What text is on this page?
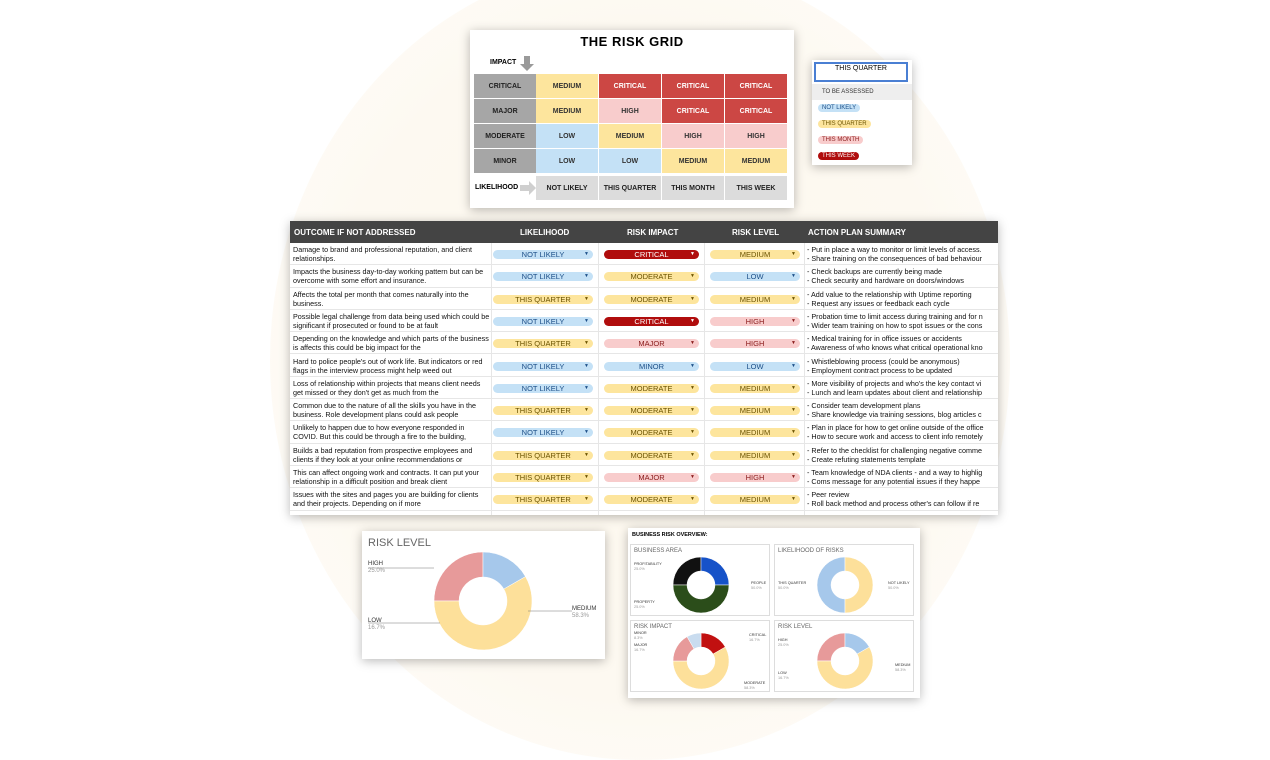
THE RISK GRID
IMPACT
CRITICAL	MEDIUM	CRITICAL	CRITICAL	CRITICAL
MAJOR	MEDIUM	HIGH	CRITICAL	CRITICAL
MODERATE	LOW	MEDIUM	HIGH	HIGH
MINOR	LOW	LOW	MEDIUM	MEDIUM
LIKELIHOOD	NOT LIKELY	THIS QUARTER	THIS MONTH	THIS WEEK
THIS QUARTER
TO BE ASSESSED
NOT LIKELY
THIS QUARTER
THIS MONTH
THIS WEEK
OUTCOME IF NOT ADDRESSED	LIKELIHOOD	RISK IMPACT	RISK LEVEL	ACTION PLAN SUMMARY
Damage to brand and professional reputation, and client relationships.	NOT LIKELY	▼	CRITICAL	▼	MEDIUM	▼ - Put in place a way to monitor or limit levels of access.
- Share training on the consequences of bad behaviour
Impacts the business day-to-day working pattern but can be overcome with some effort and insurance.	NOT LIKELY	▼	MODERATE	▼	LOW	▼ - Check backups are currently being made
- Check security and hardware on doors/windows
Affects the total per month that comes naturally into the business.	THIS QUARTER	▼	MODERATE	▼	MEDIUM	▼ - Add value to the relationship with Uptime reporting
- Request any issues or feedback each cycle
Possible legal challenge from data being used which could be significant if prosecuted or found to be at fault	NOT LIKELY	▼	CRITICAL	▼	HIGH	▼ - Probation time to limit access during training and for n
- Wider team training on how to spot issues or the cons
Depending on the knowledge and which parts of the business is affects this could be big impact for the	THIS QUARTER	▼	MAJOR	▼	HIGH	▼ - Medical training for in office issues or accidents
- Awareness of who knows what critical operational kno
Hard to police people's out of work life. But indicators or red flags in the interview process might help weed out	NOT LIKELY	▼	MINOR	▼	LOW	▼ - Whistleblowing process (could be anonymous)
- Employment contract process to be updated
Loss of relationship within projects that means client needs get missed or they don't get as much from the	NOT LIKELY	▼	MODERATE	▼	MEDIUM	▼ - More visibility of projects and who's the key contact vi
- Lunch and learn updates about client and relationship
Common due to the nature of all the skills you have in the business. Role development plans could ask people	THIS QUARTER	▼	MODERATE	▼	MEDIUM	▼ - Consider team development plans
- Share knowledge via training sessions, blog articles c
Unlikely to happen due to how everyone responded in COVID. But this could be through a fire to the building,	NOT LIKELY	▼	MODERATE	▼	MEDIUM	▼ - Plan in place for how to get online outside of the office
- How to secure work and access to client info remotely
Builds a bad reputation from prospective employees and clients if they look at your online recommendations or	THIS QUARTER	▼	MODERATE	▼	MEDIUM	▼ - Refer to the checklist for challenging negative comme
- Create refuting statements template
This can affect ongoing work and contracts. It can put your relationship in a difficult position and break client	THIS QUARTER	▼	MAJOR	▼	HIGH	▼ - Team knowledge of NDA clients - and a way to highlig
- Coms message for any potential issues if they happe
Issues with the sites and pages you are building for clients and their projects. Depending on if more	THIS QUARTER	▼	MODERATE	▼	MEDIUM	▼ - Peer review
- Roll back method and process other's can follow if re
RISK LEVEL
HIGH
25.0%
LOW
16.7%
MEDIUM
58.3%
BUSINESS RISK OVERVIEW:
BUSINESS AREA
PROFITABILITY
25.0%
PROPERTY
25.0%
PEOPLE
50.0%
LIKELIHOOD OF RISKS
THIS QUARTER
50.0%
NOT LIKELY
50.0%
RISK IMPACT
CRITICAL
16.7%
MODERATE
58.3%
MAJOR
16.7%
MINOR
8.3%
RISK LEVEL
HIGH
25.0%
LOW
16.7%
MEDIUM
58.3%
